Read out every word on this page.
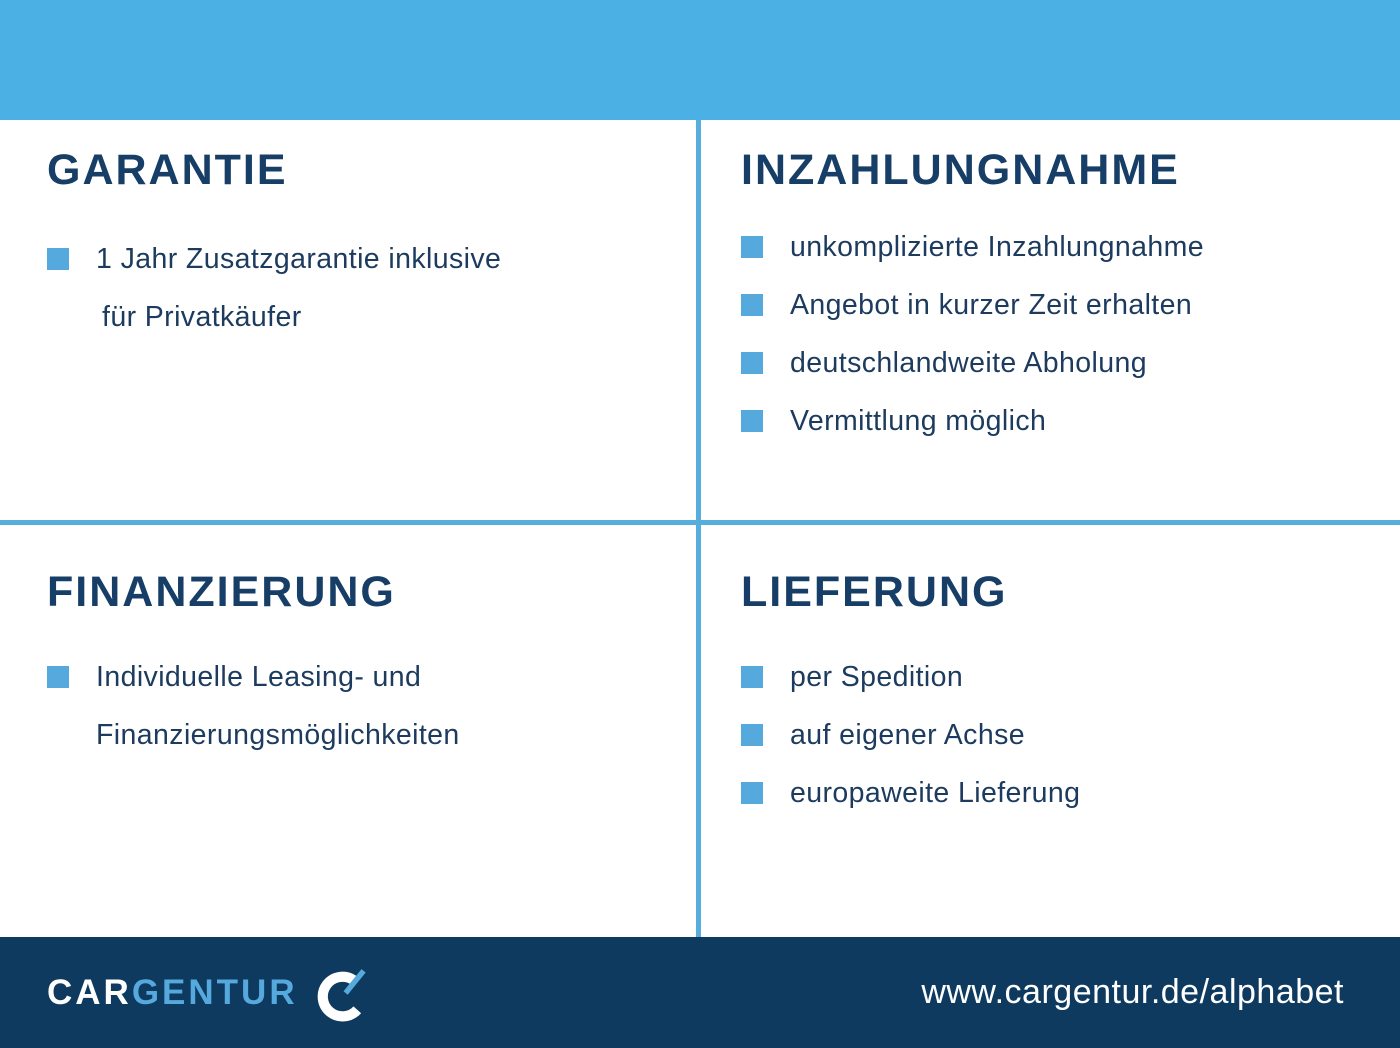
GARANTIE
1 Jahr Zusatzgarantie inklusive
für Privatkäufer
INZAHLUNGNAHME
unkomplizierte Inzahlungnahme
Angebot in kurzer Zeit erhalten
deutschlandweite Abholung
Vermittlung möglich
FINANZIERUNG
Individuelle Leasing- und
Finanzierungsmöglichkeiten
LIEFERUNG
per Spedition
auf eigener Achse
europaweite Lieferung
CARGENTUR	www.cargentur.de/alphabet
